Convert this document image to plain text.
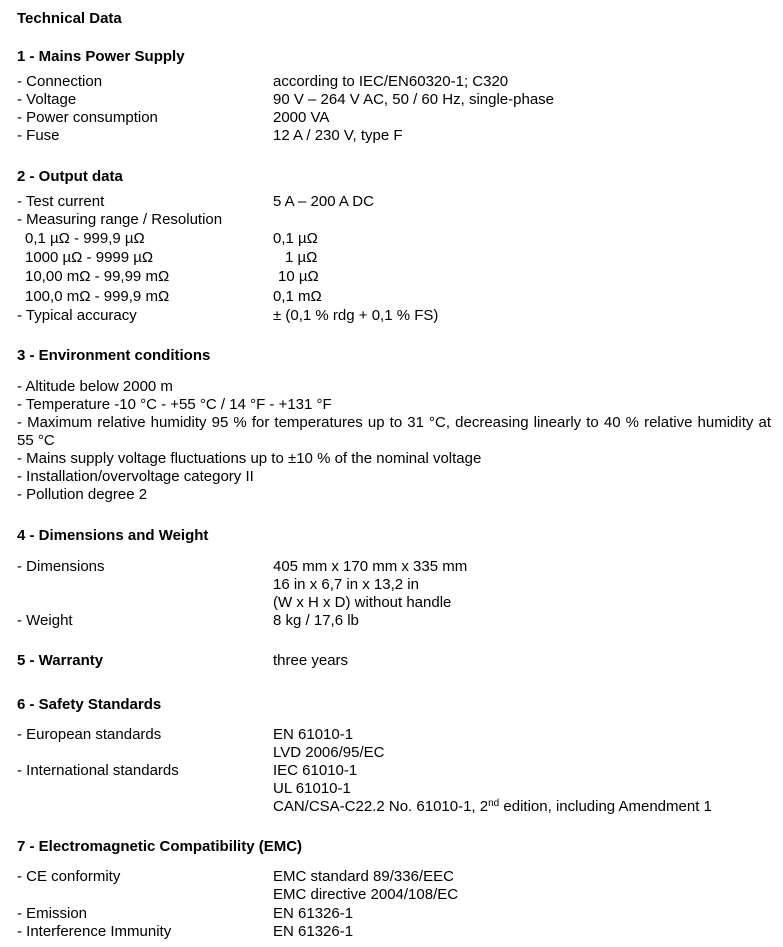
Technical Data
1 - Mains Power Supply
- Connection	according to IEC/EN60320-1; C320
- Voltage	90 V – 264 V AC, 50 / 60 Hz, single-phase
- Power consumption	2000 VA
- Fuse	12 A / 230 V, type F
2 - Output data
- Test current	5 A – 200 A DC
- Measuring range / Resolution
0,1 µΩ - 999,9 µΩ	0,1 µΩ
1000 µΩ - 9999 µΩ	1 µΩ
10,00 mΩ - 99,99 mΩ	10 µΩ
100,0 mΩ - 999,9 mΩ	0,1 mΩ
- Typical accuracy	± (0,1 % rdg + 0,1 % FS)
3 - Environment conditions
- Altitude below 2000 m
- Temperature -10 °C - +55 °C / 14 °F - +131 °F
- Maximum relative humidity 95 % for temperatures up to 31 °C, decreasing linearly to 40 % relative humidity at 55 °C
- Mains supply voltage fluctuations up to ±10 % of the nominal voltage
- Installation/overvoltage category II
- Pollution degree 2
4 - Dimensions and Weight
- Dimensions	405 mm x 170 mm x 335 mm
16 in x 6,7 in x 13,2 in
(W x H x D) without handle
- Weight	8 kg / 17,6 lb
5 - Warranty	three years
6 - Safety Standards
- European standards	EN 61010-1
LVD 2006/95/EC
- International standards	IEC 61010-1
UL 61010-1
CAN/CSA-C22.2 No. 61010-1, 2nd edition, including Amendment 1
7 - Electromagnetic Compatibility (EMC)
- CE conformity	EMC standard 89/336/EEC
EMC directive 2004/108/EC
- Emission	EN 61326-1
- Interference Immunity	EN 61326-1
